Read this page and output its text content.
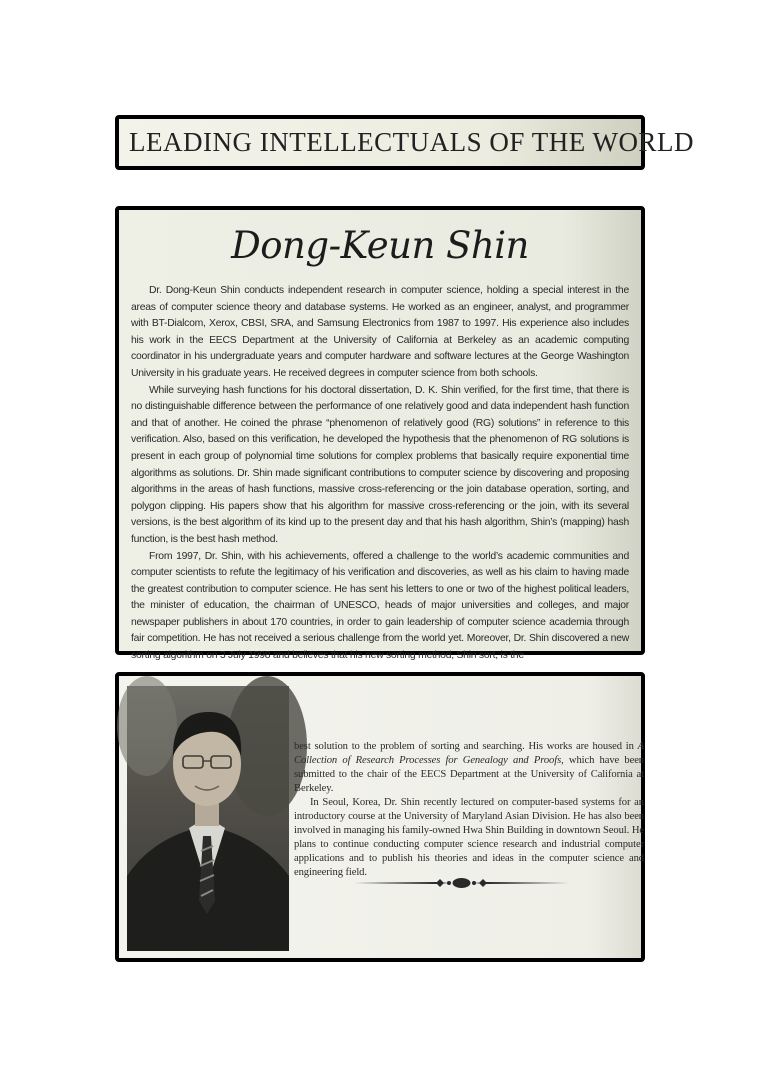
LEADING INTELLECTUALS OF THE WORLD
Dong-Keun Shin

Dr. Dong-Keun Shin conducts independent research in computer science, holding a special interest in the areas of computer science theory and database systems. He worked as an engineer, analyst, and programmer with BT-Dialcom, Xerox, CBSI, SRA, and Samsung Electronics from 1987 to 1997. His experience also includes his work in the EECS Department at the University of California at Berkeley as an academic computing coordinator in his undergraduate years and computer hardware and software lectures at the George Washington University in his graduate years. He received degrees in computer science from both schools.

While surveying hash functions for his doctoral dissertation, D. K. Shin verified, for the first time, that there is no distinguishable difference between the performance of one relatively good and data independent hash function and that of another. He coined the phrase “phenomenon of relatively good (RG) solutions” in reference to this verification. Also, based on this verification, he developed the hypothesis that the phenomenon of RG solutions is present in each group of polynomial time solutions for complex problems that basically require exponential time algorithms as solutions. Dr. Shin made significant contributions to computer science by discovering and proposing algorithms in the areas of hash functions, massive cross-referencing or the join database operation, sorting, and polygon clipping. His papers show that his algorithm for massive cross-referencing or the join, with its several versions, is the best algorithm of its kind up to the present day and that his hash algorithm, Shin’s (mapping) hash function, is the best hash method.

From 1997, Dr. Shin, with his achievements, offered a challenge to the world’s academic communities and computer scientists to refute the legitimacy of his verification and discoveries, as well as his claim to having made the greatest contribution to computer science. He has sent his letters to one or two of the highest political leaders, the minister of education, the chairman of UNESCO, heads of major universities and colleges, and major newspaper publishers in about 170 countries, in order to gain leadership of computer science academia through fair competition. He has not received a serious challenge from the world yet. Moreover, Dr. Shin discovered a new sorting algorithm on 3 July 1998 and believes that his new sorting method, Shin sort, is the

best solution to the problem of sorting and searching. His works are housed in A Collection of Research Processes for Genealogy and Proofs, which have been submitted to the chair of the EECS Department at the University of California at Berkeley.

In Seoul, Korea, Dr. Shin recently lectured on computer-based systems for an introductory course at the University of Maryland Asian Division. He has also been involved in managing his family-owned Hwa Shin Building in downtown Seoul. He plans to continue conducting computer science research and industrial computer applications and to publish his theories and ideas in the computer science and engineering field.
